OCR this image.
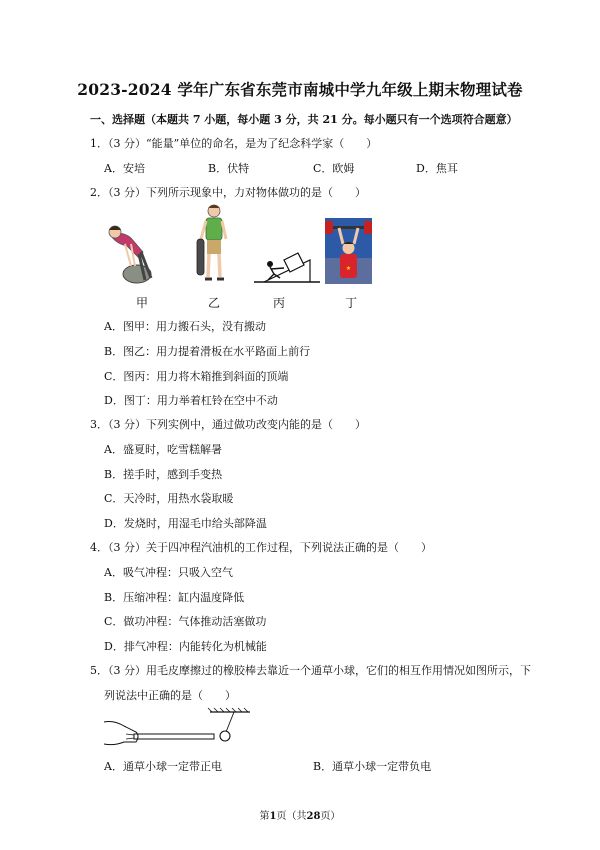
2023-2024 学年广东省东莞市南城中学九年级上期末物理试卷
一、选择题（本题共 7 小题，每小题 3 分，共 21 分。每小题只有一个选项符合题意）
1．（3 分）“能量”单位的命名，是为了纪念科学家（　　）
A．安培	B．伏特	C．欧姆	D．焦耳
2．（3 分）下列所示现象中，力对物体做功的是（　　）
★
甲	乙	丙	丁
A．图甲：用力搬石头，没有搬动
B．图乙：用力提着滑板在水平路面上前行
C．图丙：用力将木箱推到斜面的顶端
D．图丁：用力举着杠铃在空中不动
3．（3 分）下列实例中，通过做功改变内能的是（　　）
A．盛夏时，吃雪糕解暑
B．搓手时，感到手变热
C．天冷时，用热水袋取暖
D．发烧时，用湿毛巾给头部降温
4．（3 分）关于四冲程汽油机的工作过程，下列说法正确的是（　　）
A．吸气冲程：只吸入空气
B．压缩冲程：缸内温度降低
C．做功冲程：气体推动活塞做功
D．排气冲程：内能转化为机械能
5．（3 分）用毛皮摩擦过的橡胶棒去靠近一个通草小球，它们的相互作用情况如图所示，下
列说法中正确的是（　　）
A．通草小球一定带正电	B．通草小球一定带负电
第1页（共28页）
